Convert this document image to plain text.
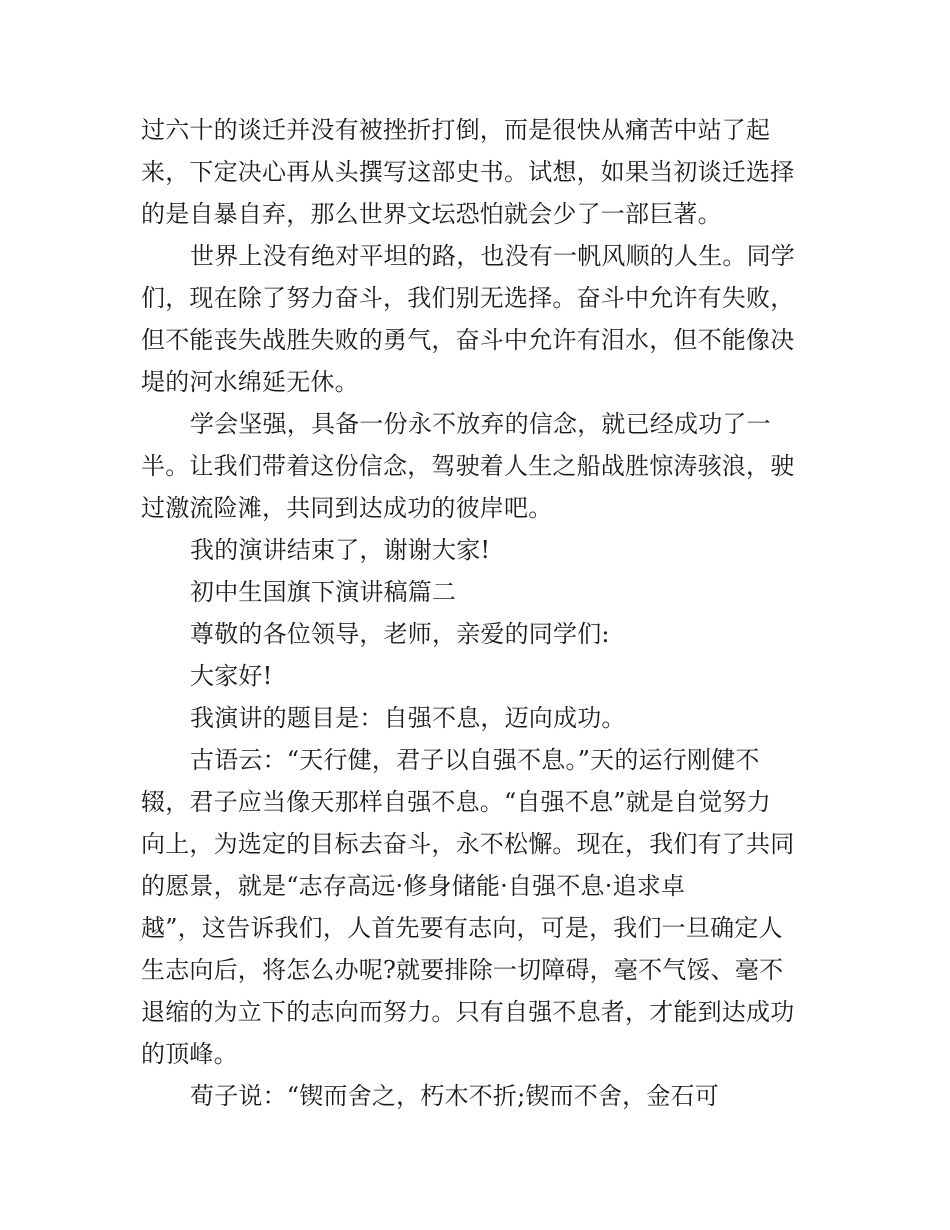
过六十的谈迁并没有被挫折打倒，而是很快从痛苦中站了起

来，下定决心再从头撰写这部史书。试想，如果当初谈迁选择

的是自暴自弃，那么世界文坛恐怕就会少了一部巨著。

世界上没有绝对平坦的路，也没有一帆风顺的人生。同学

们，现在除了努力奋斗，我们别无选择。奋斗中允许有失败，

但不能丧失战胜失败的勇气，奋斗中允许有泪水，但不能像决

堤的河水绵延无休。

学会坚强，具备一份永不放弃的信念，就已经成功了一

半。让我们带着这份信念，驾驶着人生之船战胜惊涛骇浪，驶

过激流险滩，共同到达成功的彼岸吧。

我的演讲结束了，谢谢大家!

初中生国旗下演讲稿篇二

尊敬的各位领导，老师，亲爱的同学们:

大家好!

我演讲的题目是：自强不息，迈向成功。

古语云：“天行健，君子以自强不息。”天的运行刚健不

辍，君子应当像天那样自强不息。“自强不息”就是自觉努力

向上，为选定的目标去奋斗，永不松懈。现在，我们有了共同

的愿景，就是“志存高远·修身储能·自强不息·追求卓

越”，这告诉我们，人首先要有志向，可是，我们一旦确定人

生志向后，将怎么办呢?就要排除一切障碍，毫不气馁、毫不

退缩的为立下的志向而努力。只有自强不息者，才能到达成功

的顶峰。

荀子说：“锲而舍之，朽木不折;锲而不舍，金石可
